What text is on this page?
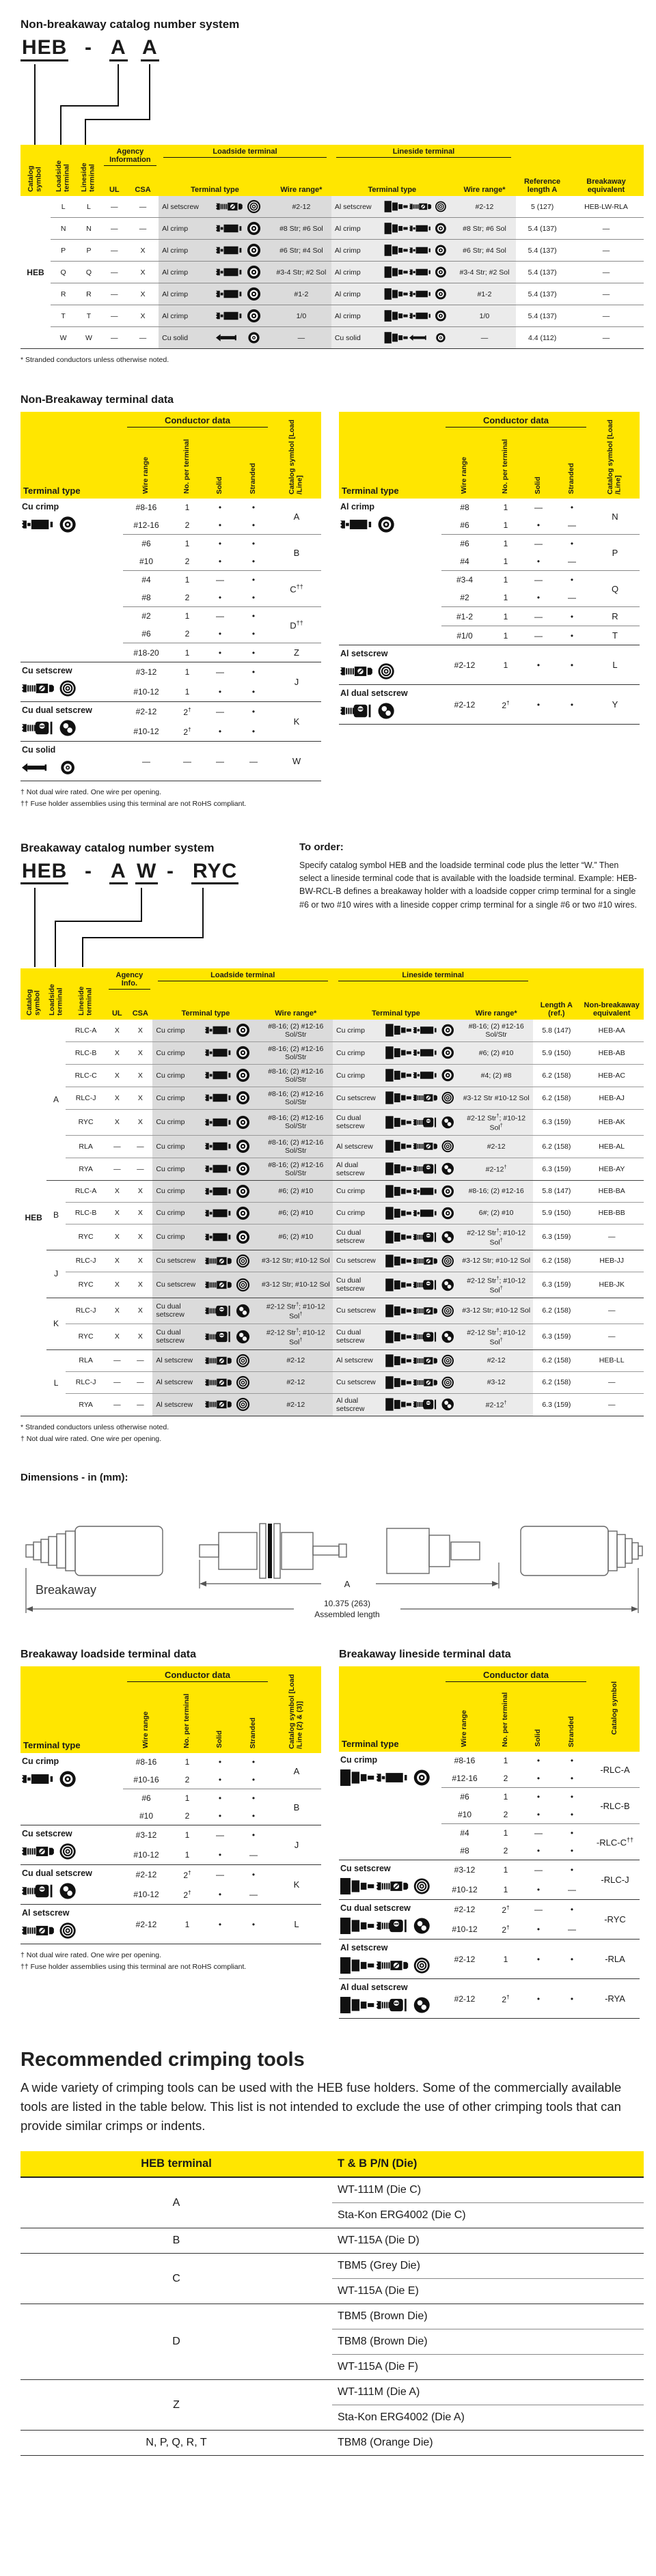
Non-breakaway catalog number system
HEB - A A
Catalog symbol	Loadside terminal	Lineside terminal	Agency Information		Loadside terminal			Lineside terminal			Reference length A	Breakaway equivalent
			UL	CSA	Terminal type		Wire range*	Terminal type		Wire range*		
HEB	L	L	—	—	Al setscrew		#2-12	Al setscrew		#2-12	5 (127)	HEB-LW-RLA
	N	N	—	—	Al crimp		#8 Str; #6 Sol	Al crimp		#8 Str; #6 Sol	5.4 (137)	—
	P	P	—	X	Al crimp		#6 Str; #4 Sol	Al crimp		#6 Str; #4 Sol	5.4 (137)	—
	Q	Q	—	X	Al crimp		#3-4 Str; #2 Sol	Al crimp		#3-4 Str; #2 Sol	5.4 (137)	—
	R	R	—	X	Al crimp		#1-2	Al crimp		#1-2	5.4 (137)	—
	T	T	—	X	Al crimp		1/0	Al crimp		1/0	5.4 (137)	—
	W	W	—	—	Cu solid		—	Cu solid		—	4.4 (112)	—
* Stranded conductors unless otherwise noted.
Non-Breakaway terminal data
Terminal type	Conductor data				Catalog symbol [Load /Line]
	Wire range	No. per terminal	Solid	Stranded	

Cu crimp	#8-16	1	•	•	A
	#12-16	2	•	•	
	#6	1	•	•	B
	#10	2	•	•	
	#4	1	—	•	C††
	#8	2	•	•	
	#2	1	—	•	D††
	#6	2	•	•	
	#18-20	1	•	•	Z

Cu setscrew	#3-12	1	—	•	J
	#10-12	1	•	•	

Cu dual setscrew	#2-12	2†	—	•	K
	#10-12	2†	•	•	

Cu solid	—	—	—	—	W
† Not dual wire rated. One wire per opening.
†† Fuse holder assemblies using this terminal are not RoHS compliant.
Terminal type	Conductor data				Catalog symbol [Load /Line]
	Wire range	No. per terminal	Solid	Stranded	

Al crimp	#8	1	—	•	N
	#6	1	•	—	
	#6	1	—	•	P
	#4	1	•	—	
	#3-4	1	—	•	Q
	#2	1	•	—	
	#1-2	1	—	•	R
	#1/0	1	—	•	T

Al setscrew	#2-12	1	•	•	L

Al dual setscrew	#2-12	2†	•	•	Y
Breakaway catalog number system
HEB - A W - RYC
To order:

Specify catalog symbol HEB and the loadside terminal code plus the letter “W.” Then select a lineside terminal code that is available with the loadside terminal. Example: HEB-BW-RCL-B defines a breakaway holder with a loadside copper crimp terminal for a single #6 or two #10 wires with a lineside copper crimp terminal for a single #6 or two #10 wires.

Catalog symbol	Loadside terminal	Lineside terminal	Agency Info.		Loadside terminal			Lineside terminal			Length A (ref.)	Non-breakaway equivalent
			UL	CSA	Terminal type		Wire range*	Terminal type		Wire range*		
HEB	A	RLC-A	X	X	Cu crimp		#8-16; (2) #12-16 Sol/Str	Cu crimp		#8-16; (2) #12-16 Sol/Str	5.8 (147)	HEB-AA
		RLC-B	X	X	Cu crimp		#8-16; (2) #12-16 Sol/Str	Cu crimp		#6; (2) #10	5.9 (150)	HEB-AB
		RLC-C	X	X	Cu crimp		#8-16; (2) #12-16 Sol/Str	Cu crimp		#4; (2) #8	6.2 (158)	HEB-AC
		RLC-J	X	X	Cu crimp		#8-16; (2) #12-16 Sol/Str	Cu setscrew		#3-12 Str #10-12 Sol	6.2 (158)	HEB-AJ
		RYC	X	X	Cu crimp		#8-16; (2) #12-16 Sol/Str	Cu dual setscrew		#2-12 Str†; #10-12 Sol†	6.3 (159)	HEB-AK
		RLA	—	—	Cu crimp		#8-16; (2) #12-16 Sol/Str	Al setscrew		#2-12	6.2 (158)	HEB-AL
		RYA	—	—	Cu crimp		#8-16; (2) #12-16 Sol/Str	Al dual setscrew		#2-12†	6.3 (159)	HEB-AY
	B	RLC-A	X	X	Cu crimp		#6; (2) #10	Cu crimp		#8-16; (2) #12-16	5.8 (147)	HEB-BA
		RLC-B	X	X	Cu crimp		#6; (2) #10	Cu crimp		6#; (2) #10	5.9 (150)	HEB-BB
		RYC	X	X	Cu crimp		#6; (2) #10	Cu dual setscrew		#2-12 Str†; #10-12 Sol†	6.3 (159)	—
	J	RLC-J	X	X	Cu setscrew		#3-12 Str; #10-12 Sol	Cu setscrew		#3-12 Str; #10-12 Sol	6.2 (158)	HEB-JJ
		RYC	X	X	Cu setscrew		#3-12 Str; #10-12 Sol	Cu dual setscrew		#2-12 Str†; #10-12 Sol†	6.3 (159)	HEB-JK
	K	RLC-J	X	X	Cu dual setscrew		#2-12 Str†; #10-12 Sol†	Cu setscrew		#3-12 Str; #10-12 Sol	6.2 (158)	—
		RYC	X	X	Cu dual setscrew		#2-12 Str†; #10-12 Sol†	Cu dual setscrew		#2-12 Str†; #10-12 Sol†	6.3 (159)	—
	L	RLA	—	—	Al setscrew		#2-12	Al setscrew		#2-12	6.2 (158)	HEB-LL
		RLC-J	—	—	Al setscrew		#2-12	Cu setscrew		#3-12	6.2 (158)	—
		RYA	—	—	Al setscrew		#2-12	Al dual setscrew		#2-12†	6.3 (159)	—
* Stranded conductors unless otherwise noted.
† Not dual wire rated. One wire per opening.
Dimensions - in (mm):
A
10.375 (263)
Assembled length
Breakaway
Breakaway loadside terminal data
Terminal type	Conductor data				Catalog symbol [Load /Line (2) & (3)]
	Wire range	No. per terminal	Solid	Stranded	

Cu crimp	#8-16	1	•	•	A
	#10-16	2	•	•	
	#6	1	•	•	B
	#10	2	•	•	

Cu setscrew	#3-12	1	—	•	J
	#10-12	1	•	—	

Cu dual setscrew	#2-12	2†	—	•	K
	#10-12	2†	•	—	

Al setscrew	#2-12	1	•	•	L
† Not dual wire rated. One wire per opening.
†† Fuse holder assemblies using this terminal are not RoHS compliant.
Breakaway lineside terminal data
Terminal type	Conductor data				Catalog symbol
	Wire range	No. per terminal	Solid	Stranded	

Cu crimp	#8-16	1	•	•	-RLC-A
	#12-16	2	•	•	
	#6	1	•	•	-RLC-B
	#10	2	•	•	
	#4	1	—	•	-RLC-C††
	#8	2	•	•	

Cu setscrew	#3-12	1	—	•	-RLC-J
	#10-12	1	•	—	

Cu dual setscrew	#2-12	2†	—	•	-RYC
	#10-12	2†	•	—	

Al setscrew	#2-12	1	•	•	-RLA

Al dual setscrew	#2-12	2†	•	•	-RYA
Recommended crimping tools

A wide variety of crimping tools can be used with the HEB fuse holders. Some of the commercially available tools are listed in the table below. This list is not intended to exclude the use of other crimping tools that can provide similar crimps or indents.

HEB terminal	T & B P/N (Die)
A	WT-111M (Die C)
	Sta-Kon ERG4002 (Die C)
B	WT-115A (Die D)
C	TBM5 (Grey Die)
	WT-115A (Die E)
D	TBM5 (Brown Die)
	TBM8 (Brown Die)
	WT-115A (Die F)
Z	WT-111M (Die A)
	Sta-Kon ERG4002 (Die A)
N, P, Q, R, T	TBM8 (Orange Die)
